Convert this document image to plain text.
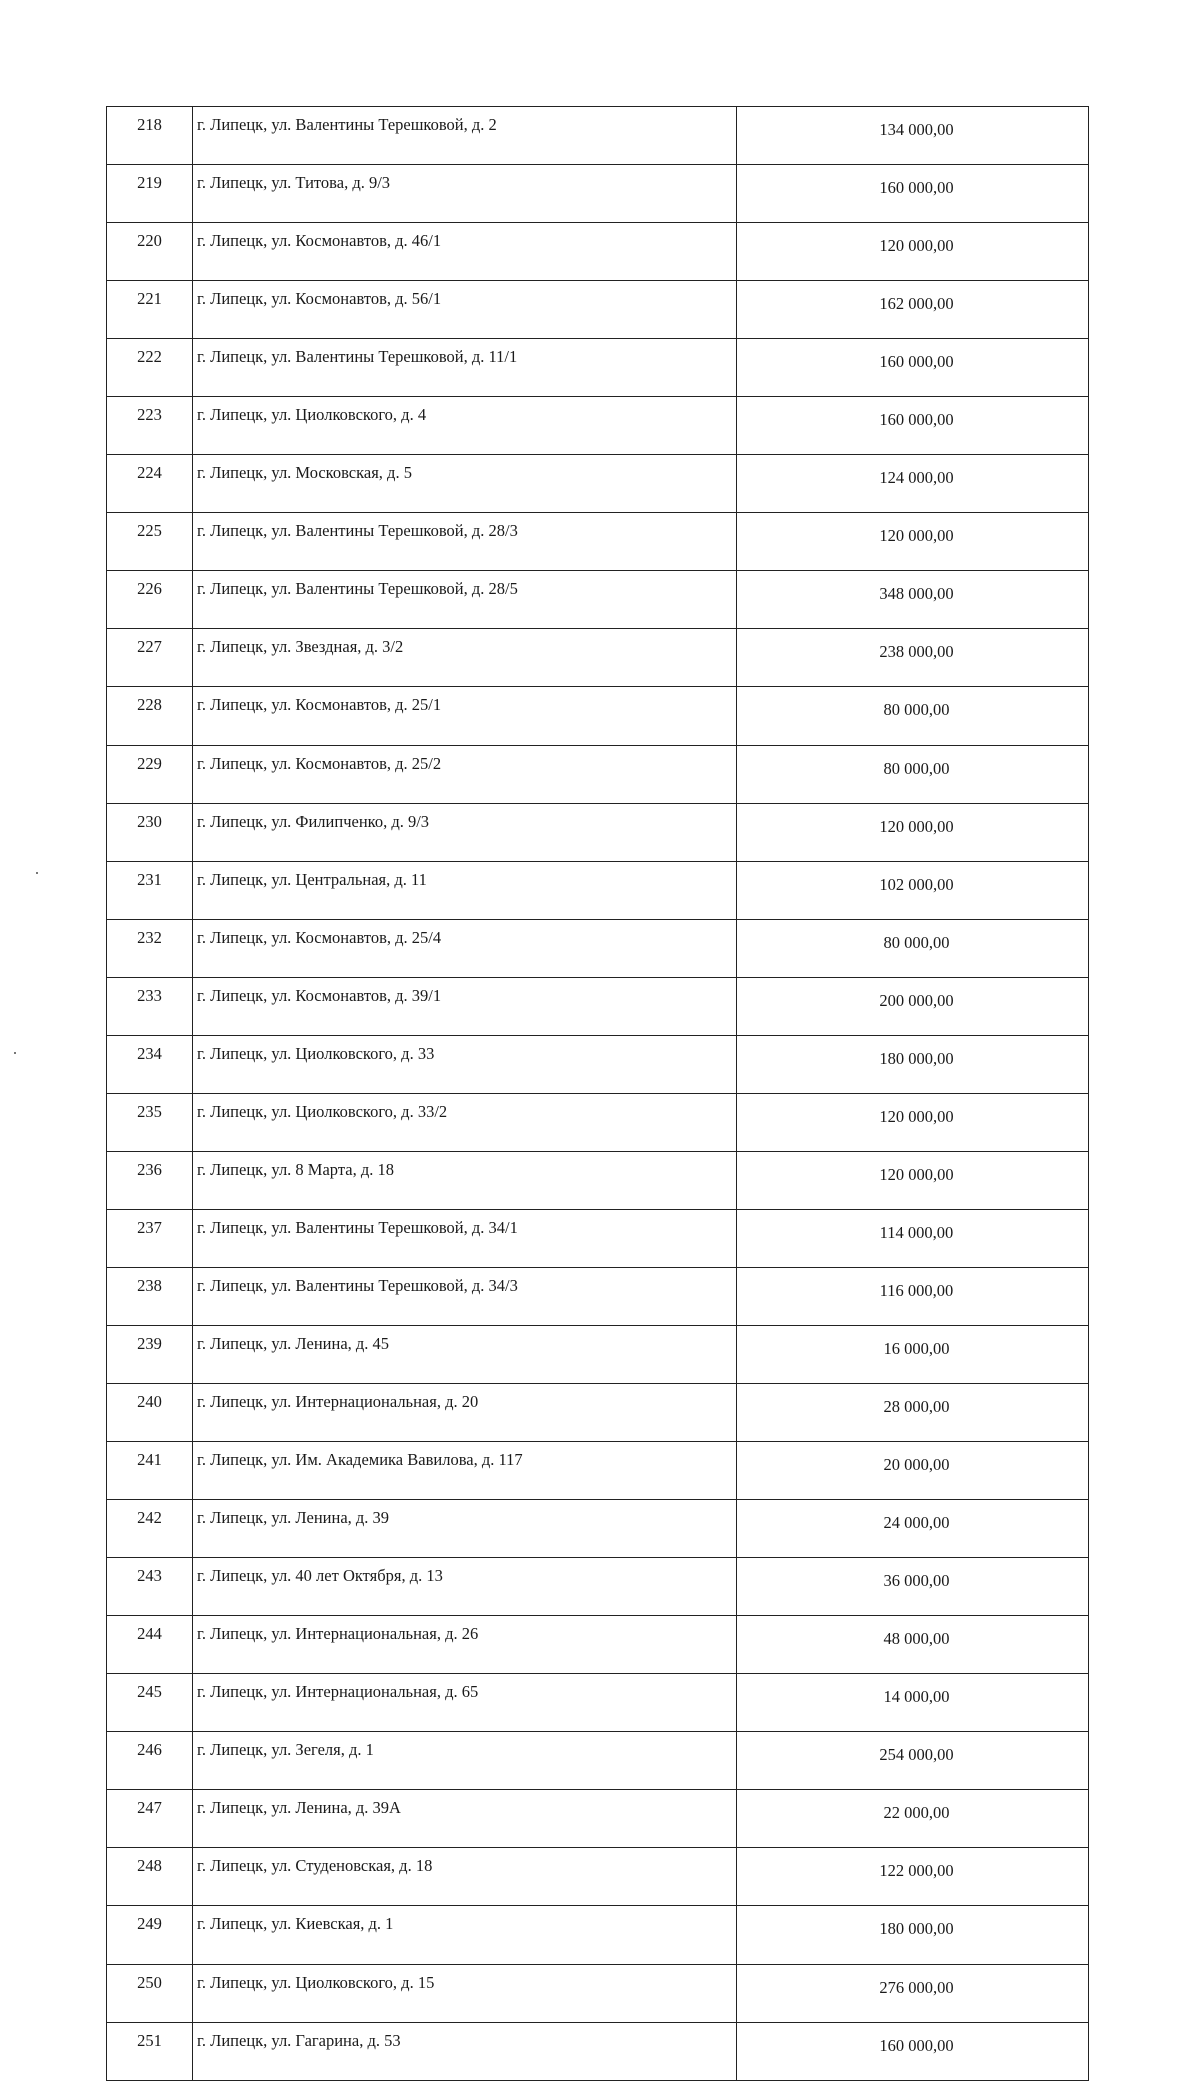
218	г. Липецк, ул. Валентины Терешковой, д. 2	134 000,00
219	г. Липецк, ул. Титова, д. 9/3	160 000,00
220	г. Липецк, ул. Космонавтов, д. 46/1	120 000,00
221	г. Липецк, ул. Космонавтов, д. 56/1	162 000,00
222	г. Липецк, ул. Валентины Терешковой, д. 11/1	160 000,00
223	г. Липецк, ул. Циолковского, д. 4	160 000,00
224	г. Липецк, ул. Московская, д. 5	124 000,00
225	г. Липецк, ул. Валентины Терешковой, д. 28/3	120 000,00
226	г. Липецк, ул. Валентины Терешковой, д. 28/5	348 000,00
227	г. Липецк, ул. Звездная, д. 3/2	238 000,00
228	г. Липецк, ул. Космонавтов, д. 25/1	80 000,00
229	г. Липецк, ул. Космонавтов, д. 25/2	80 000,00
230	г. Липецк, ул. Филипченко, д. 9/3	120 000,00
231	г. Липецк, ул. Центральная, д. 11	102 000,00
232	г. Липецк, ул. Космонавтов, д. 25/4	80 000,00
233	г. Липецк, ул. Космонавтов, д. 39/1	200 000,00
234	г. Липецк, ул. Циолковского, д. 33	180 000,00
235	г. Липецк, ул. Циолковского, д. 33/2	120 000,00
236	г. Липецк, ул. 8 Марта, д. 18	120 000,00
237	г. Липецк, ул. Валентины Терешковой, д. 34/1	114 000,00
238	г. Липецк, ул. Валентины Терешковой, д. 34/3	116 000,00
239	г. Липецк, ул. Ленина, д. 45	16 000,00
240	г. Липецк, ул. Интернациональная, д. 20	28 000,00
241	г. Липецк, ул. Им. Академика Вавилова, д. 117	20 000,00
242	г. Липецк, ул. Ленина, д. 39	24 000,00
243	г. Липецк, ул. 40 лет Октября, д. 13	36 000,00
244	г. Липецк, ул. Интернациональная, д. 26	48 000,00
245	г. Липецк, ул. Интернациональная, д. 65	14 000,00
246	г. Липецк, ул. Зегеля, д. 1	254 000,00
247	г. Липецк, ул. Ленина, д. 39А	22 000,00
248	г. Липецк, ул. Студеновская, д. 18	122 000,00
249	г. Липецк, ул. Киевская, д. 1	180 000,00
250	г. Липецк, ул. Циолковского, д. 15	276 000,00
251	г. Липецк, ул. Гагарина, д. 53	160 000,00
